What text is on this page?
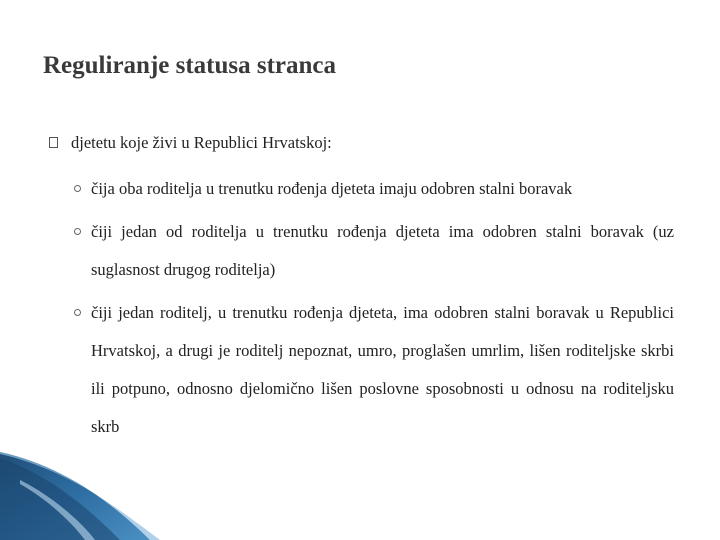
Reguliranje statusa stranca
djetetu koje živi u Republici Hrvatskoj:
čija oba roditelja u trenutku rođenja djeteta imaju odobren stalni boravak
čiji jedan od roditelja u trenutku rođenja djeteta ima odobren stalni boravak (uz suglasnost drugog roditelja)
čiji jedan roditelj, u trenutku rođenja djeteta, ima odobren stalni boravak u Republici Hrvatskoj, a drugi je roditelj nepoznat, umro, proglašen umrlim, lišen roditeljske skrbi ili potpuno, odnosno djelomično lišen poslovne sposobnosti u odnosu na roditeljsku skrb
